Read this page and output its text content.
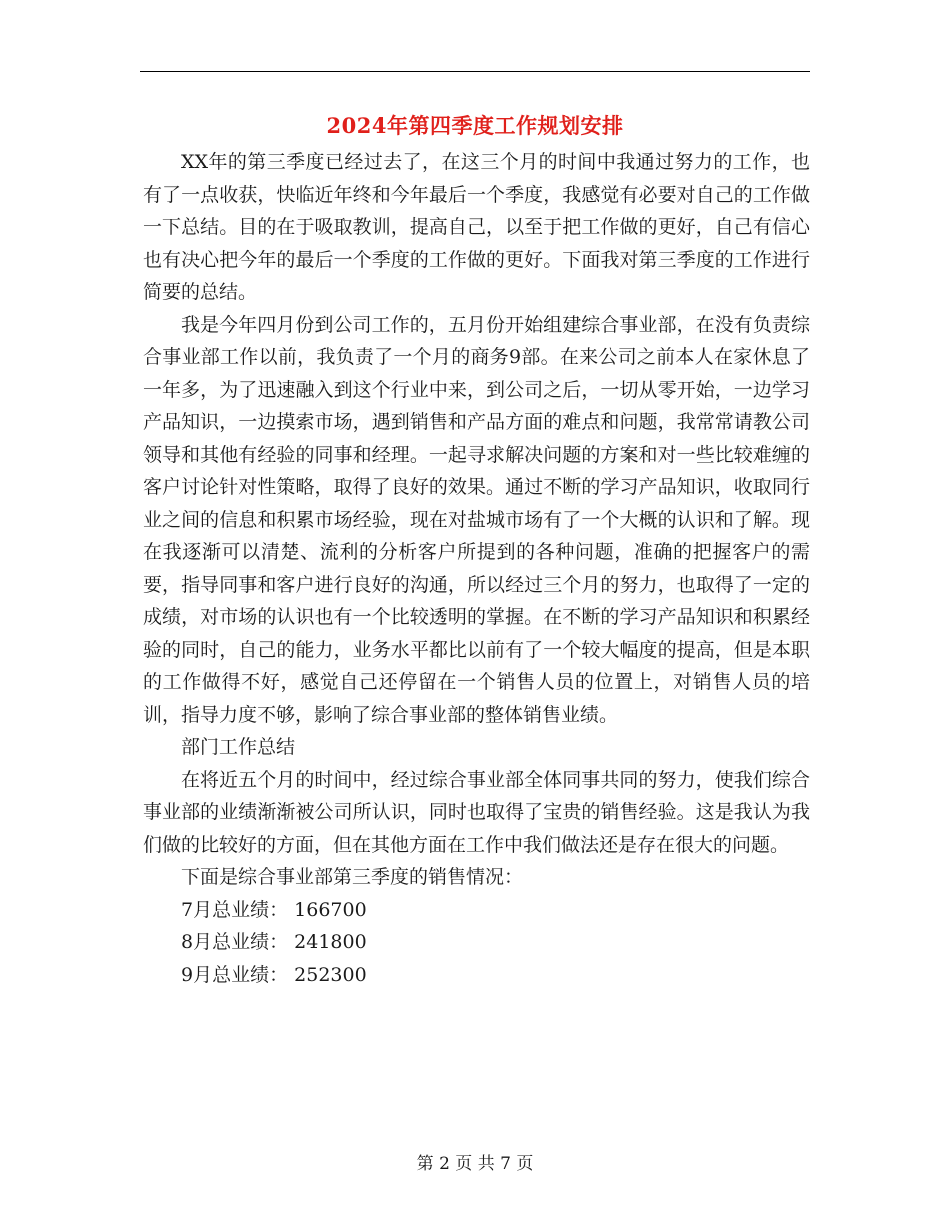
2024年第四季度工作规划安排

XX年的第三季度已经过去了，在这三个月的时间中我通过努力的工作，也有了一点收获，快临近年终和今年最后一个季度，我感觉有必要对自己的工作做一下总结。目的在于吸取教训，提高自己，以至于把工作做的更好，自己有信心也有决心把今年的最后一个季度的工作做的更好。下面我对第三季度的工作进行简要的总结。

我是今年四月份到公司工作的，五月份开始组建综合事业部，在没有负责综合事业部工作以前，我负责了一个月的商务9部。在来公司之前本人在家休息了一年多，为了迅速融入到这个行业中来，到公司之后，一切从零开始，一边学习产品知识，一边摸索市场，遇到销售和产品方面的难点和问题，我常常请教公司领导和其他有经验的同事和经理。一起寻求解决问题的方案和对一些比较难缠的客户讨论针对性策略，取得了良好的效果。通过不断的学习产品知识，收取同行业之间的信息和积累市场经验，现在对盐城市场有了一个大概的认识和了解。现在我逐渐可以清楚、流利的分析客户所提到的各种问题，准确的把握客户的需要，指导同事和客户进行良好的沟通，所以经过三个月的努力，也取得了一定的成绩，对市场的认识也有一个比较透明的掌握。在不断的学习产品知识和积累经验的同时，自己的能力，业务水平都比以前有了一个较大幅度的提高，但是本职的工作做得不好，感觉自己还停留在一个销售人员的位置上，对销售人员的培训，指导力度不够，影响了综合事业部的整体销售业绩。

部门工作总结

在将近五个月的时间中，经过综合事业部全体同事共同的努力，使我们综合事业部的业绩渐渐被公司所认识，同时也取得了宝贵的销售经验。这是我认为我们做的比较好的方面，但在其他方面在工作中我们做法还是存在很大的问题。

下面是综合事业部第三季度的销售情况：

7月总业绩： 166700

8月总业绩： 241800

9月总业绩： 252300

第 2 页 共 7 页
